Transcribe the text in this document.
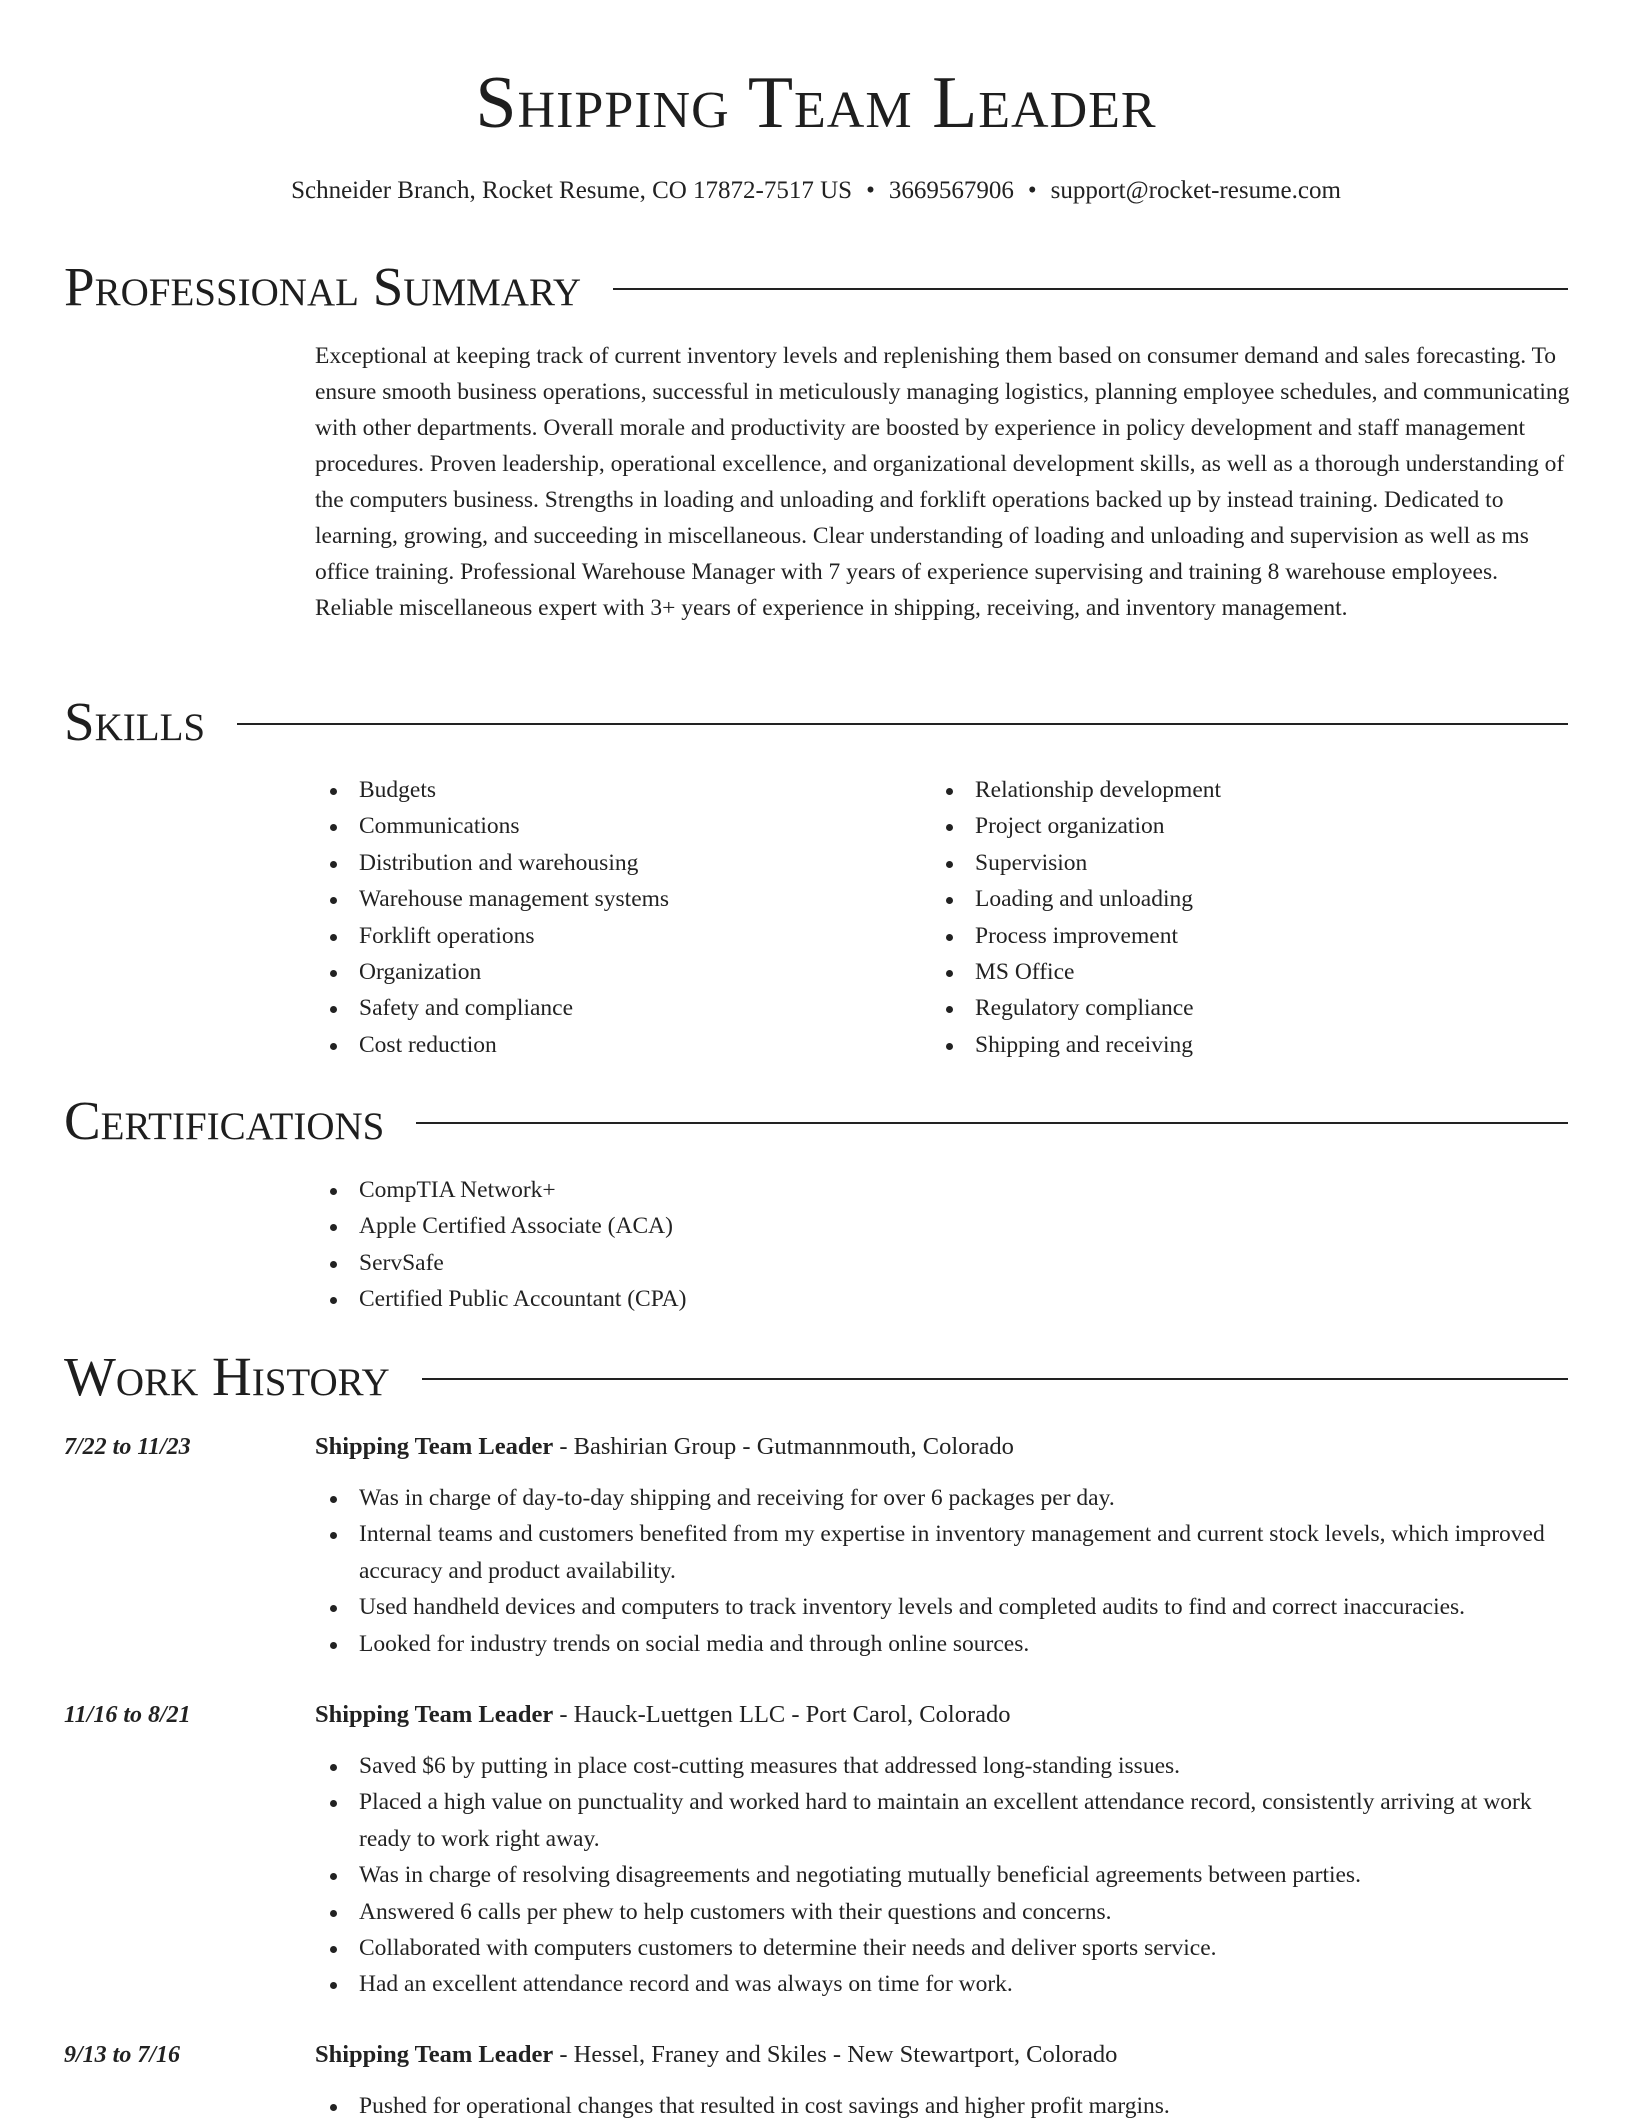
Shipping Team Leader
Schneider Branch, Rocket Resume, CO 17872-7517 US • 3669567906 • support@rocket-resume.com
Professional Summary
Exceptional at keeping track of current inventory levels and replenishing them based on consumer demand and sales forecasting. To ensure smooth business operations, successful in meticulously managing logistics, planning employee schedules, and communicating with other departments. Overall morale and productivity are boosted by experience in policy development and staff management procedures. Proven leadership, operational excellence, and organizational development skills, as well as a thorough understanding of the computers business. Strengths in loading and unloading and forklift operations backed up by instead training. Dedicated to learning, growing, and succeeding in miscellaneous. Clear understanding of loading and unloading and supervision as well as ms office training. Professional Warehouse Manager with 7 years of experience supervising and training 8 warehouse employees. Reliable miscellaneous expert with 3+ years of experience in shipping, receiving, and inventory management.
Skills
Budgets
Communications
Distribution and warehousing
Warehouse management systems
Forklift operations
Organization
Safety and compliance
Cost reduction
Relationship development
Project organization
Supervision
Loading and unloading
Process improvement
MS Office
Regulatory compliance
Shipping and receiving
Certifications
CompTIA Network+
Apple Certified Associate (ACA)
ServSafe
Certified Public Accountant (CPA)
Work History
7/22 to 11/23	Shipping Team Leader - Bashirian Group - Gutmannmouth, Colorado
Was in charge of day-to-day shipping and receiving for over 6 packages per day.
Internal teams and customers benefited from my expertise in inventory management and current stock levels, which improved accuracy and product availability.
Used handheld devices and computers to track inventory levels and completed audits to find and correct inaccuracies.
Looked for industry trends on social media and through online sources.
11/16 to 8/21	Shipping Team Leader - Hauck-Luettgen LLC - Port Carol, Colorado
Saved $6 by putting in place cost-cutting measures that addressed long-standing issues.
Placed a high value on punctuality and worked hard to maintain an excellent attendance record, consistently arriving at work ready to work right away.
Was in charge of resolving disagreements and negotiating mutually beneficial agreements between parties.
Answered 6 calls per phew to help customers with their questions and concerns.
Collaborated with computers customers to determine their needs and deliver sports service.
Had an excellent attendance record and was always on time for work.
9/13 to 7/16	Shipping Team Leader - Hessel, Franey and Skiles - New Stewartport, Colorado
Pushed for operational changes that resulted in cost savings and higher profit margins.
